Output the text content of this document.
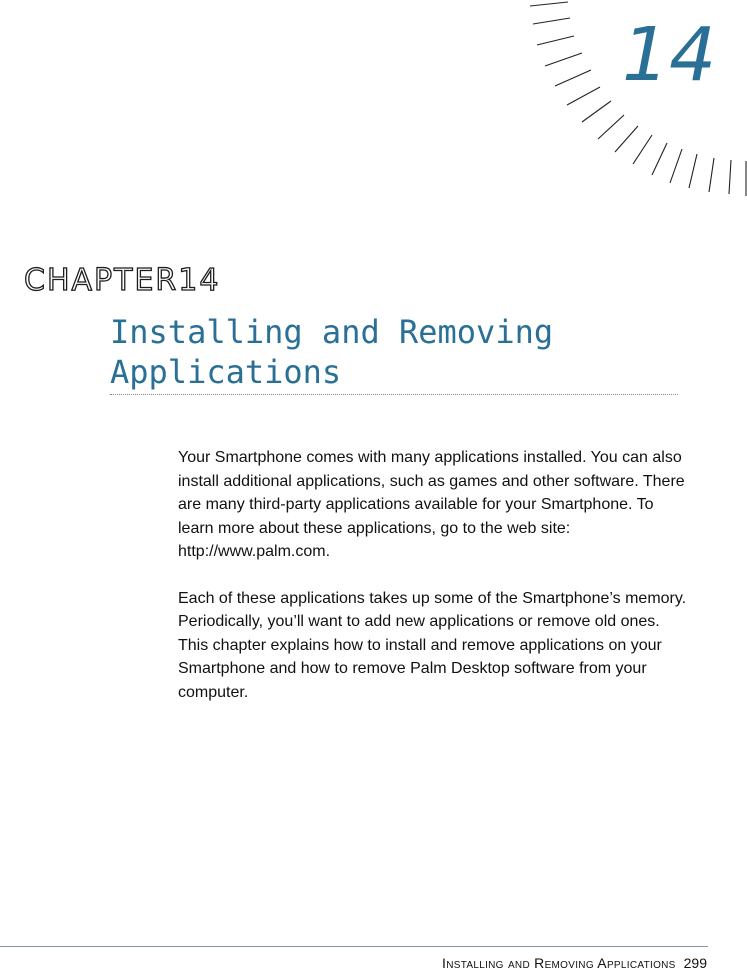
14
CHAPTER14
Installing and Removing Applications

Your Smartphone comes with many applications installed. You can also install additional applications, such as games and other software. There are many third-party applications available for your Smartphone. To learn more about these applications, go to the web site: http://www.palm.com.

Each of these applications takes up some of the Smartphone’s memory. Periodically, you’ll want to add new applications or remove old ones. This chapter explains how to install and remove applications on your Smartphone and how to remove Palm Desktop software from your computer.

Installing and Removing Applications 299
